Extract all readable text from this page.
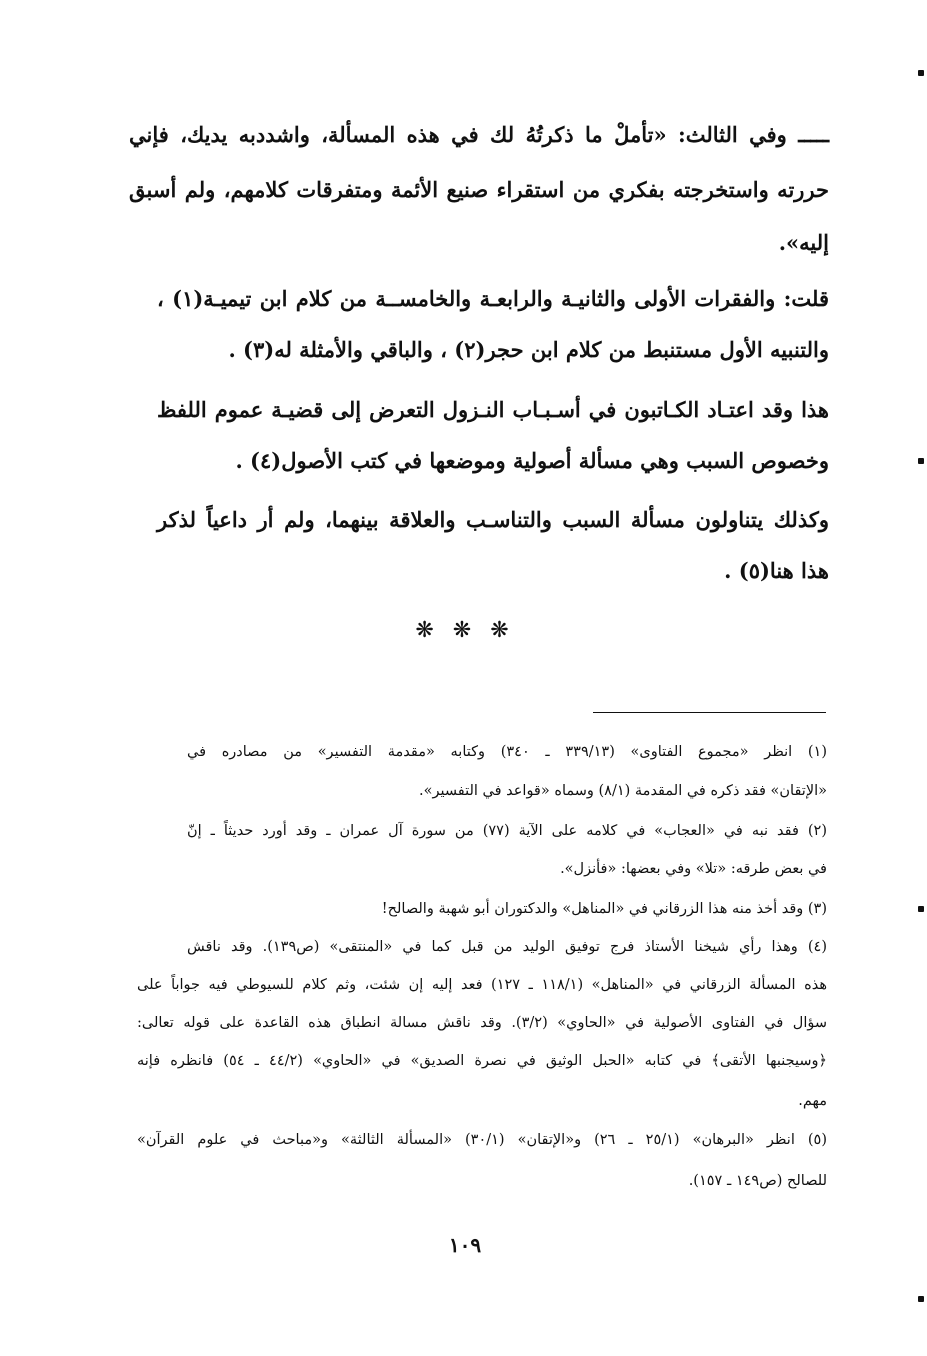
ـــــ وفي الثالث: «تأملْ ما ذكرتُهُ لك في هذه المسألة، واشددبه يديك، فإني
حررته واستخرجته بفكري من استقراء صنيع الأئمة ومتفرقات كلامهم، ولم أسبق
إليه».
قلت: والفقرات الأولى والثانيـة والرابعـة والخامســة من كلام ابن تيميـة(١) ،
والتنبيه الأول مستنبط من كلام ابن حجر(٢) ، والباقي والأمثلة له(٣) .
هذا وقد اعتـاد الكـاتبون في أسـبـاب النـزول التعرض إلى قضيـة عموم اللفظ
وخصوص السبب وهي مسألة أصولية وموضعها في كتب الأصول(٤) .
وكذلك يتناولون مسألة السبب والتناسـب والعلاقة بينهما، ولم أر داعياً لذكر
هذا هنا(٥) .
❋ ❋ ❋
(١) انظر «مجموع الفتاوى» (٣٣٩/١٣ ـ ٣٤٠) وكتابه «مقدمة التفسير» من مصادره في
«الإتقان» فقد ذكره في المقدمة (٨/١) وسماه «قواعد في التفسير».
(٢) فقد نبه في «العجاب» في كلامه على الآية (٧٧) من سورة آل عمران ـ وقد أورد حديثاً ـ إنّ
في بعض طرقه: «تلا» وفي بعضها: «فأنزل».
(٣) وقد أخذ منه هذا الزرقاني في «المناهل» والدكتوران أبو شهبة والصالح!
(٤) وهذا رأي شيخنا الأستاذ فرج توفيق الوليد من قبل كما في «المنتقى» (ص١٣٩). وقد ناقش
هذه المسألة الزرقاني في «المناهل» (١١٨/١ ـ ١٢٧) فعد إليه إن شئت، وثم كلام للسيوطي فيه جواباً على
سؤال في الفتاوى الأصولية في «الحاوي» (٣/٢). وقد ناقش مسالة انطباق هذه القاعدة على قوله تعالى:
﴿وسيجنبها الأتقى﴾ في كتابه «الحبل الوثيق في نصرة الصديق» في «الحاوي» (٤٤/٢ ـ ٥٤) فانظره فإنه
مهم.
(٥) انظر «البرهان» (٢٥/١ ـ ٢٦) و«الإتقان» (٣٠/١) «المسألة الثالثة» و«مباحث في علوم القرآن»
للصالح (ص١٤٩ ـ ١٥٧).
١٠٩
